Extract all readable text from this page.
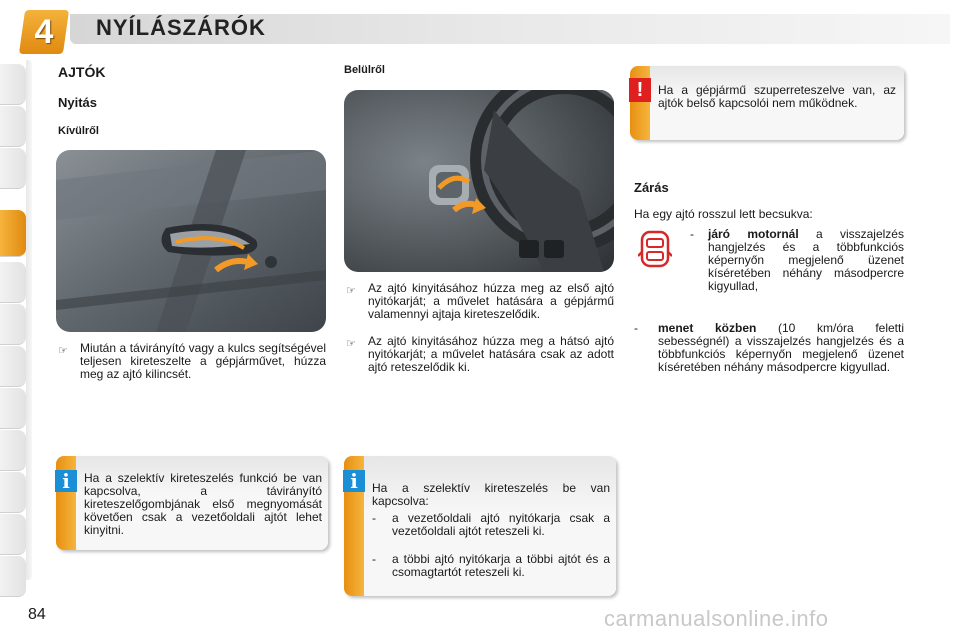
4	NYÍLÁSZÁRÓK
AJTÓK
Nyitás
Kívülről
☞ Miután a távirányító vagy a kulcs segítségével teljesen kireteszelte a gépjárművet, húzza meg az ajtó kilincsét.
i	Ha a szelektív kireteszelés funkció be van kapcsolva, a távirányító kireteszelőgombjának első megnyomását követően csak a vezetőoldali ajtót lehet kinyitni.
Belülről
☞ Az ajtó kinyitásához húzza meg az első ajtó nyitókarját; a művelet hatására a gépjármű valamennyi ajtaja kireteszelődik.
☞ Az ajtó kinyitásához húzza meg a hátsó ajtó nyitókarját; a művelet hatására csak az adott ajtó reteszelődik ki.
i	Ha a szelektív kireteszelés be van kapcsolva:
- a vezetőoldali ajtó nyitókarja csak a vezetőoldali ajtót reteszeli ki.
- a többi ajtó nyitókarja a többi ajtót és a csomagtartót reteszeli ki.
!	Ha a gépjármű szuperreteszelve van, az ajtók belső kapcsolói nem működnek.
Zárás
Ha egy ajtó rosszul lett becsukva:
- járó motornál a visszajelzés hangjelzés és a többfunkciós képernyőn megjelenő üzenet kíséretében néhány másodpercre kigyullad,
- menet közben (10 km/óra feletti sebességnél) a visszajelzés hangjelzés és a többfunkciós képernyőn megjelenő üzenet kíséretében néhány másodpercre kigyullad.
84	carmanualsonline.info
